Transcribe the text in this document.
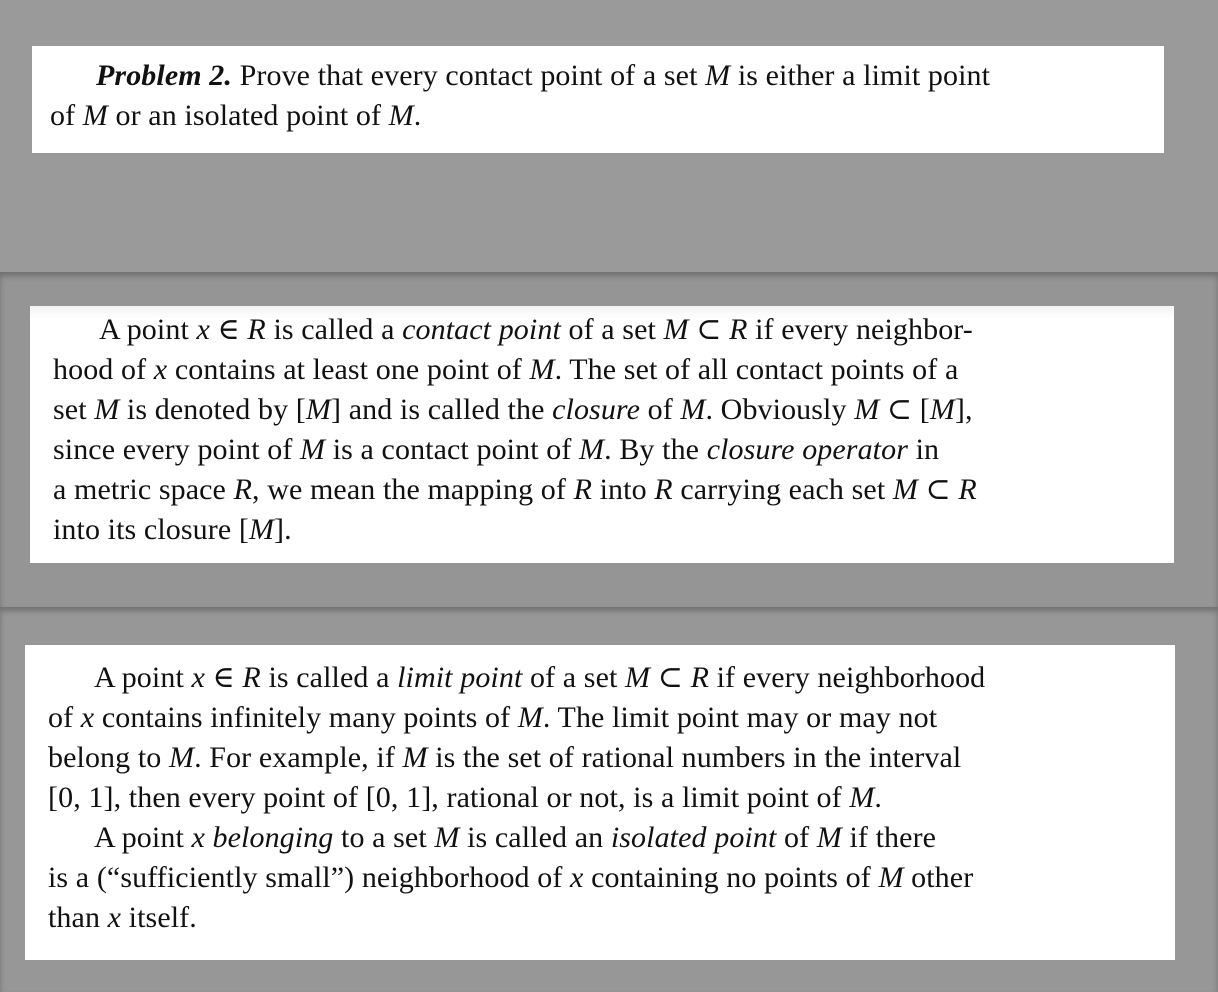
Problem 2. Prove that every contact point of a set M is either a limit point
of M or an isolated point of M.

A point x ∈ R is called a contact point of a set M ⊂ R if every neighbor-
hood of x contains at least one point of M. The set of all contact points of a
set M is denoted by [M] and is called the closure of M. Obviously M ⊂ [M],
since every point of M is a contact point of M. By the closure operator in
a metric space R, we mean the mapping of R into R carrying each set M ⊂ R
into its closure [M].

A point x ∈ R is called a limit point of a set M ⊂ R if every neighborhood
of x contains infinitely many points of M. The limit point may or may not
belong to M. For example, if M is the set of rational numbers in the interval
[0, 1], then every point of [0, 1], rational or not, is a limit point of M.

A point x belonging to a set M is called an isolated point of M if there
is a (“sufficiently small”) neighborhood of x containing no points of M other
than x itself.
